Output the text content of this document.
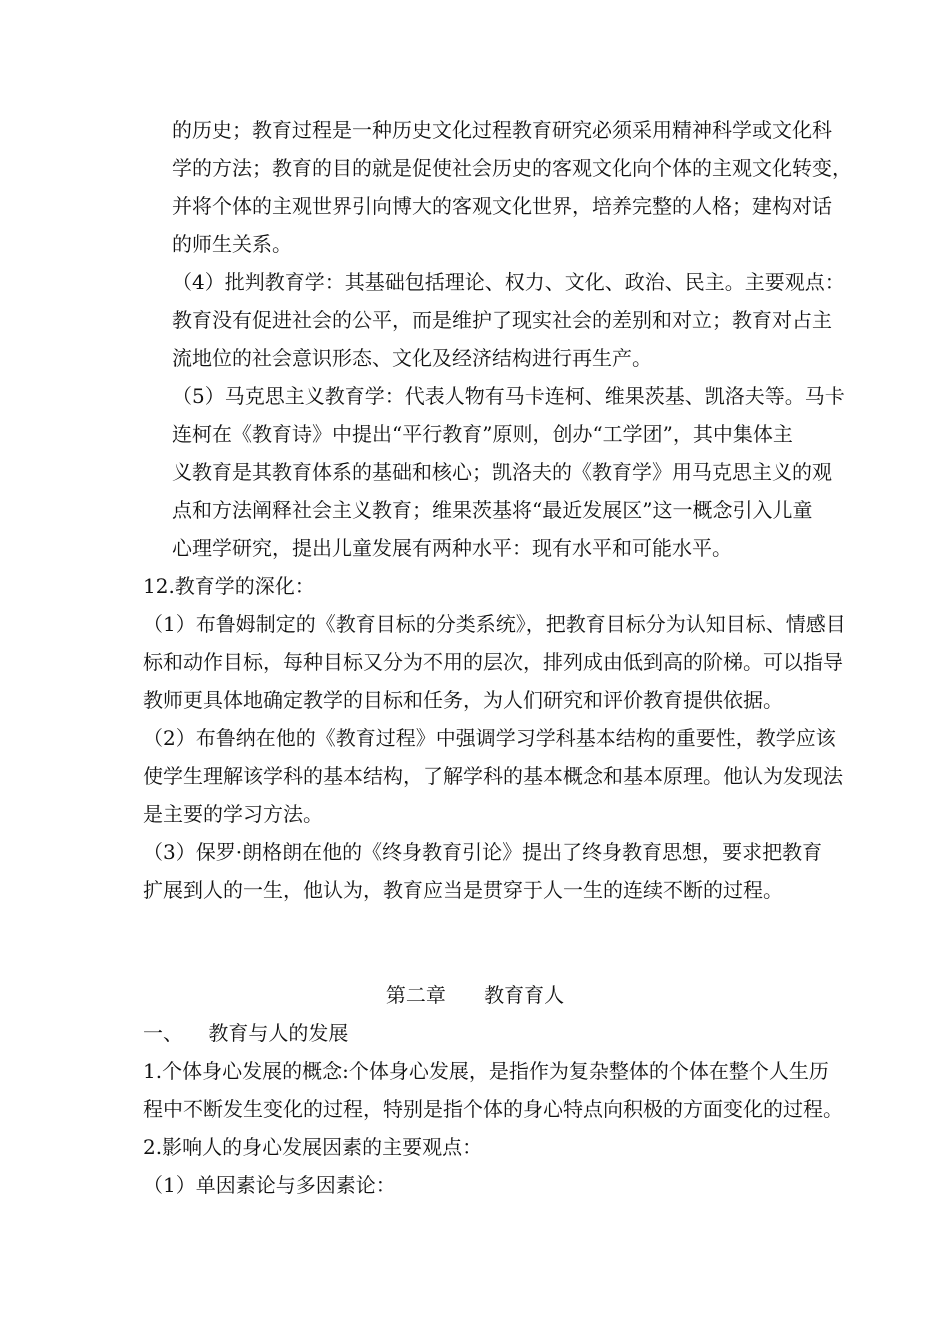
的历史；教育过程是一种历史文化过程教育研究必须采用精神科学或文化科
学的方法；教育的目的就是促使社会历史的客观文化向个体的主观文化转变，
并将个体的主观世界引向博大的客观文化世界，培养完整的人格；建构对话
的师生关系。
（4）批判教育学：其基础包括理论、权力、文化、政治、民主。主要观点：
教育没有促进社会的公平，而是维护了现实社会的差别和对立；教育对占主
流地位的社会意识形态、文化及经济结构进行再生产。
（5）马克思主义教育学：代表人物有马卡连柯、维果茨基、凯洛夫等。马卡
连柯在《教育诗》中提出“平行教育”原则，创办“工学团”，其中集体主
义教育是其教育体系的基础和核心；凯洛夫的《教育学》用马克思主义的观
点和方法阐释社会主义教育；维果茨基将“最近发展区”这一概念引入儿童
心理学研究，提出儿童发展有两种水平：现有水平和可能水平。
12.教育学的深化：
（1）布鲁姆制定的《教育目标的分类系统》，把教育目标分为认知目标、情感目
标和动作目标，每种目标又分为不用的层次，排列成由低到高的阶梯。可以指导
教师更具体地确定教学的目标和任务，为人们研究和评价教育提供依据。
（2）布鲁纳在他的《教育过程》中强调学习学科基本结构的重要性，教学应该
使学生理解该学科的基本结构，了解学科的基本概念和基本原理。他认为发现法
是主要的学习方法。
（3）保罗·朗格朗在他的《终身教育引论》提出了终身教育思想，要求把教育
扩展到人的一生，他认为，教育应当是贯穿于人一生的连续不断的过程。
第二章      教育育人
一、    教育与人的发展
1.个体身心发展的概念:个体身心发展，是指作为复杂整体的个体在整个人生历
程中不断发生变化的过程，特别是指个体的身心特点向积极的方面变化的过程。
2.影响人的身心发展因素的主要观点：
（1）单因素论与多因素论：
